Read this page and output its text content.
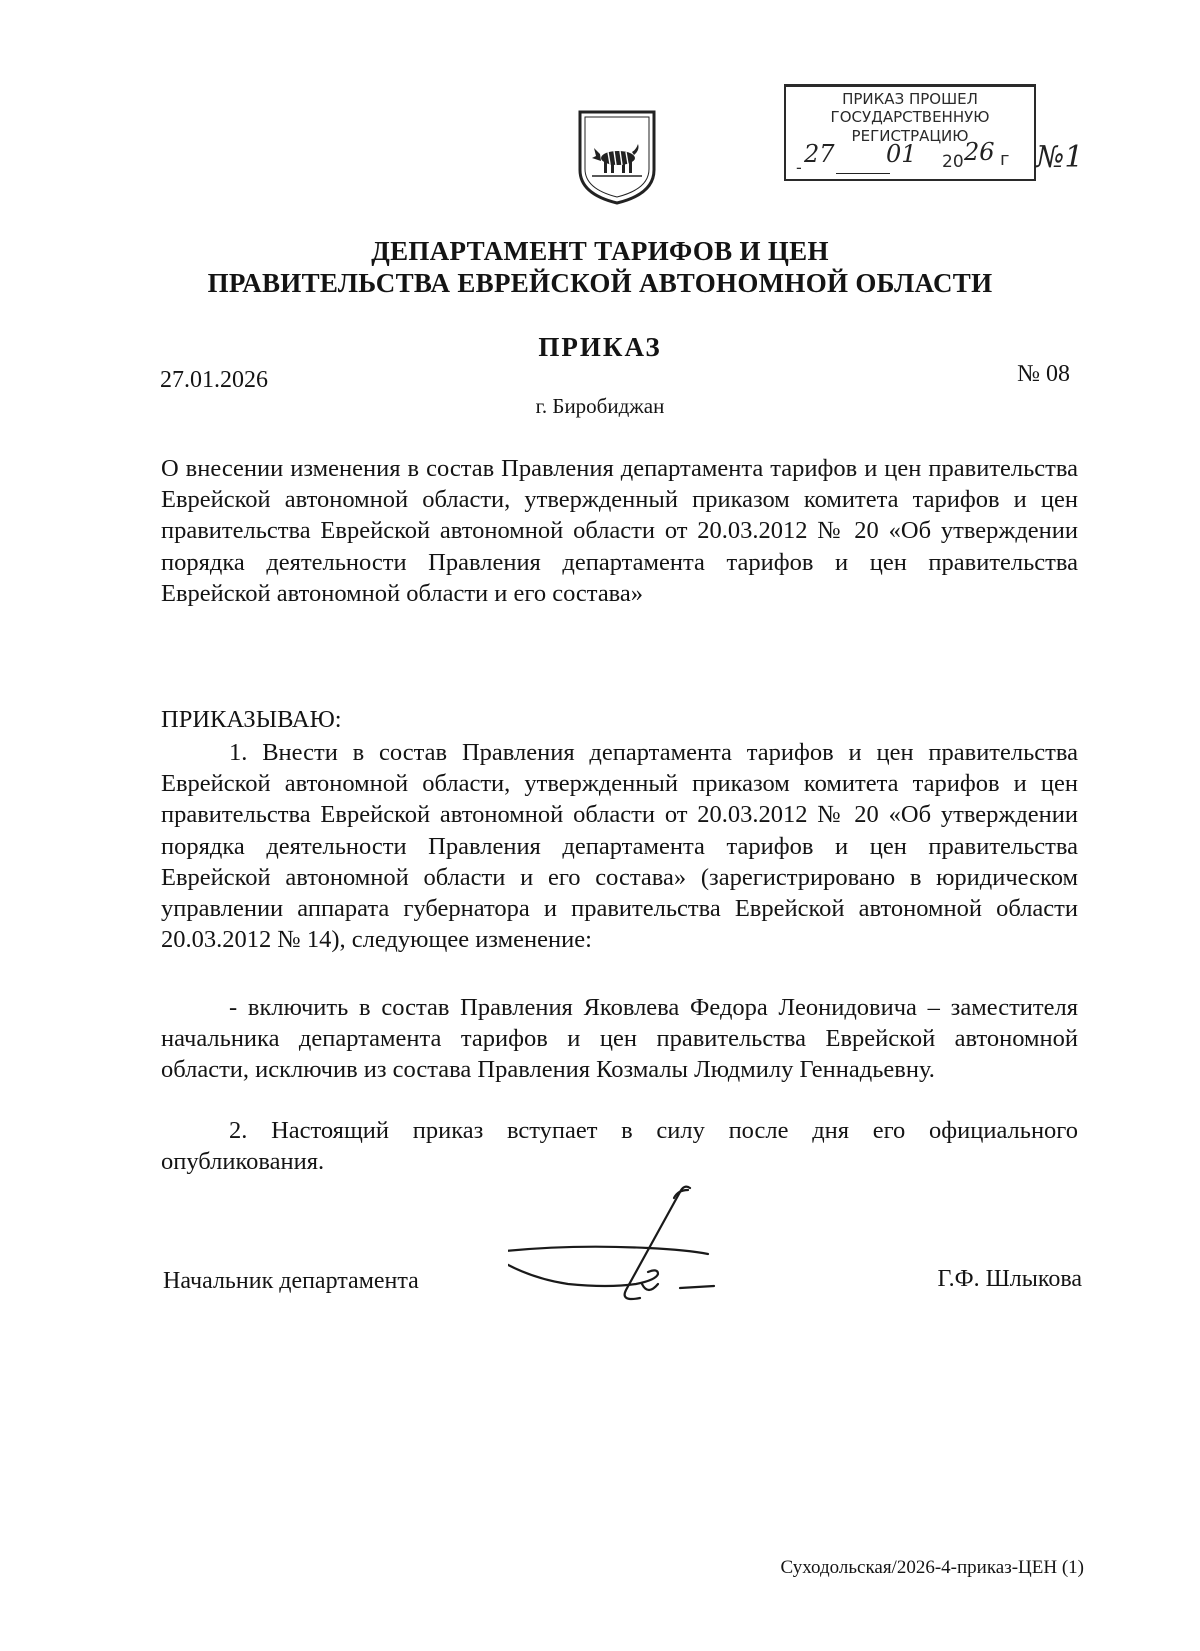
ПРИКАЗ ПРОШЕЛ
ГОСУДАРСТВЕННУЮ
РЕГИСТРАЦИЮ
27
-	01 20 26 г №1
ДЕПАРТАМЕНТ ТАРИФОВ И ЦЕН
ПРАВИТЕЛЬСТВА ЕВРЕЙСКОЙ АВТОНОМНОЙ ОБЛАСТИ
ПРИКАЗ
27.01.2026	№ 08
г. Биробиджан
О внесении изменения в состав Правления департамента тарифов и цен правительства Еврейской автономной области, утвержденный приказом комитета тарифов и цен правительства Еврейской автономной области от 20.03.2012 № 20 «Об утверждении порядка деятельности Правления департамента тарифов и цен правительства Еврейской автономной области и его состава»
ПРИКАЗЫВАЮ:
1. Внести в состав Правления департамента тарифов и цен правительства Еврейской автономной области, утвержденный приказом комитета тарифов и цен правительства Еврейской автономной области от 20.03.2012 № 20 «Об утверждении порядка деятельности Правления департамента тарифов и цен правительства Еврейской автономной области и его состава» (зарегистрировано в юридическом управлении аппарата губернатора и правительства Еврейской автономной области 20.03.2012 № 14), следующее изменение:
- включить в состав Правления Яковлева Федора Леонидовича – заместителя начальника департамента тарифов и цен правительства Еврейской автономной области, исключив из состава Правления Козмалы Людмилу Геннадьевну.
2. Настоящий приказ вступает в силу после дня его официального опубликования.
Начальник департамента	Г.Ф. Шлыкова
Суходольская/2026-4-приказ-ЦЕН (1)
